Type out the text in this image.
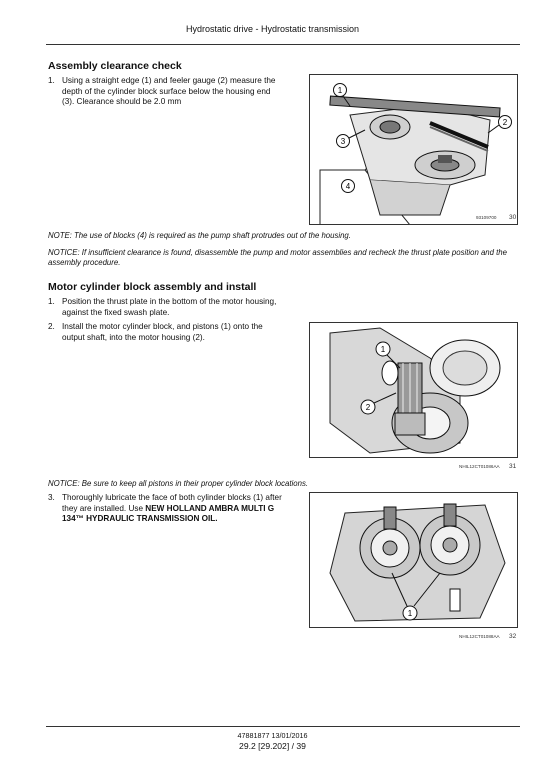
Hydrostatic drive - Hydrostatic transmission
Assembly clearance check
1. Using a straight edge (1) and feeler gauge (2) measure the depth of the cylinder block surface below the housing end (3). Clearance should be 2.0 mm
1
2
3
4
93109700 30
NOTE: The use of blocks (4) is required as the pump shaft protrudes out of the housing.
NOTICE: If insufficient clearance is found, disassemble the pump and motor assemblies and recheck the thrust plate position and the assembly procedure.
Motor cylinder block assembly and install
1. Position the thrust plate in the bottom of the motor housing, against the fixed swash plate.
2. Install the motor cylinder block, and pistons (1) onto the output shaft, into the motor housing (2).
1
2
NHIL12CT01086AA 31
NOTICE: Be sure to keep all pistons in their proper cylinder block locations.
3. Thoroughly lubricate the face of both cylinder blocks (1) after they are installed. Use NEW HOLLAND AMBRA MULTI G 134™ HYDRAULIC TRANSMISSION OIL.
1
NHIL12CT01088AA 32
47881877 13/01/2016
29.2 [29.202] / 39
